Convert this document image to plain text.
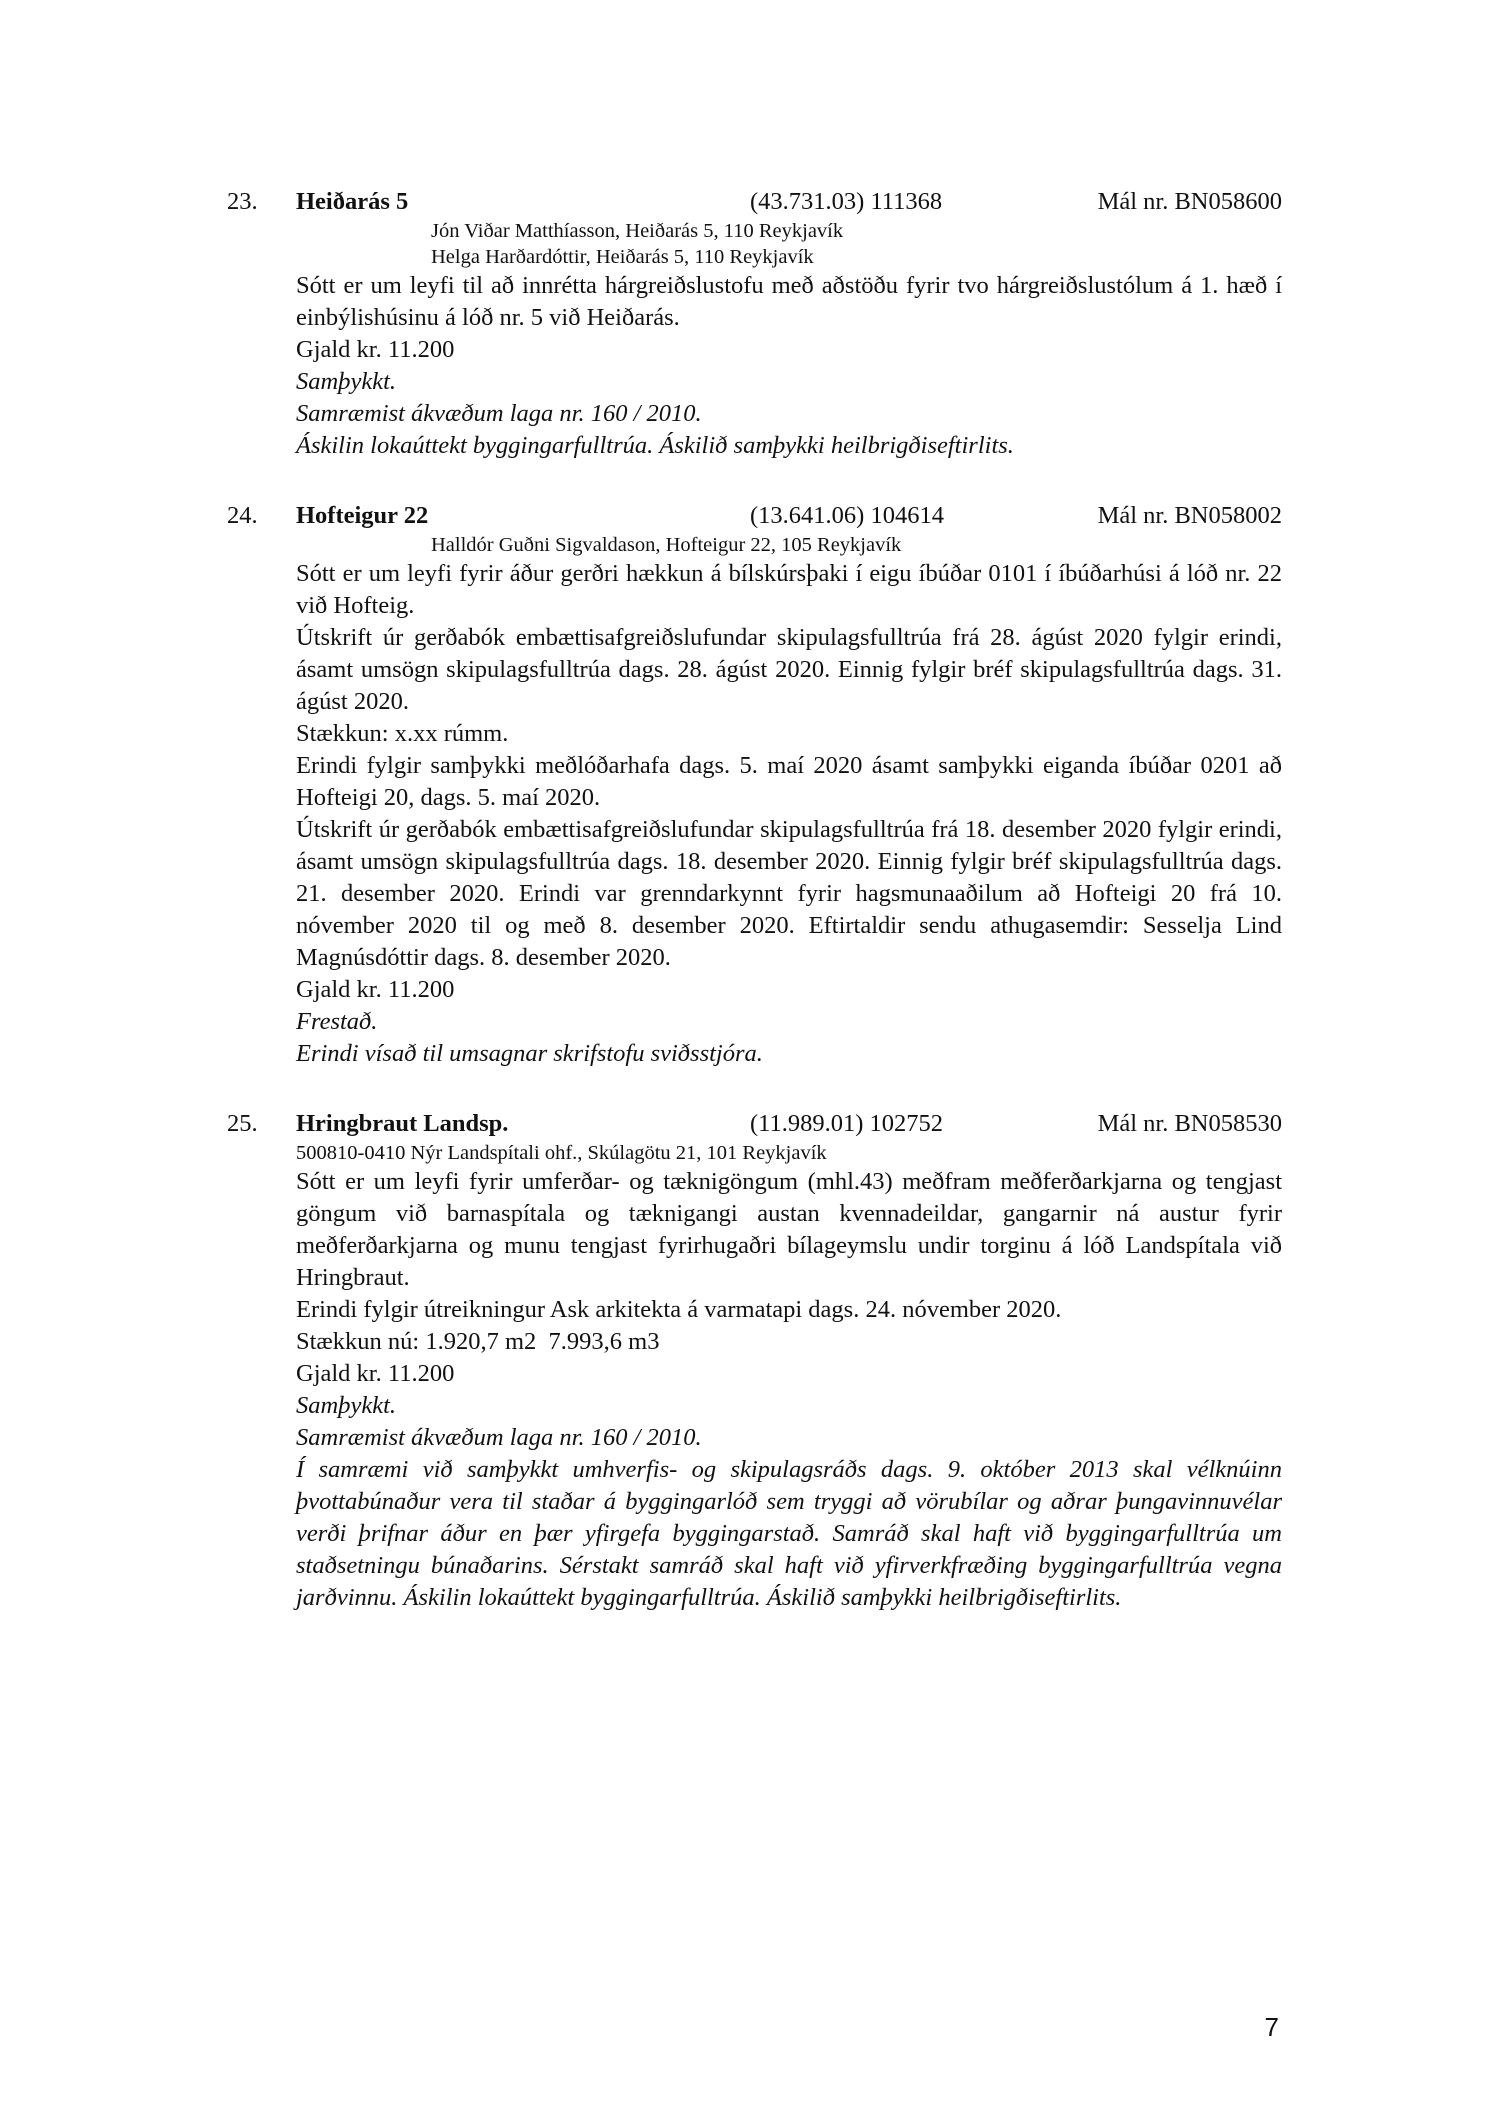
23. Heiðarás 5	(43.731.03) 111368	Mál nr. BN058600
Jón Viðar Matthíasson, Heiðarás 5, 110 Reykjavík
Helga Harðardóttir, Heiðarás 5, 110 Reykjavík
Sótt er um leyfi til að innrétta hárgreiðslustofu með aðstöðu fyrir tvo hárgreiðslustólum á 1. hæð í einbýlishúsinu á lóð nr. 5 við Heiðarás.
Gjald kr. 11.200
Samþykkt.
Samræmist ákvæðum laga nr. 160 / 2010.
Áskilin lokaúttekt byggingarfulltrúa. Áskilið samþykki heilbrigðiseftirlits.
24. Hofteigur 22	(13.641.06) 104614	Mál nr. BN058002
Halldór Guðni Sigvaldason, Hofteigur 22, 105 Reykjavík
Sótt er um leyfi fyrir áður gerðri hækkun á bílskúrsþaki í eigu íbúðar 0101 í íbúðarhúsi á lóð nr. 22 við Hofteig.
Útskrift úr gerðabók embættisafgreiðslufundar skipulagsfulltrúa frá 28. ágúst 2020 fylgir erindi, ásamt umsögn skipulagsfulltrúa dags. 28. ágúst 2020. Einnig fylgir bréf skipulagsfulltrúa dags. 31. ágúst 2020.
Stækkun: x.xx rúmm.
Erindi fylgir samþykki meðlóðarhafa dags. 5. maí 2020 ásamt samþykki eiganda íbúðar 0201 að Hofteigi 20, dags. 5. maí 2020.
Útskrift úr gerðabók embættisafgreiðslufundar skipulagsfulltrúa frá 18. desember 2020 fylgir erindi, ásamt umsögn skipulagsfulltrúa dags. 18. desember 2020. Einnig fylgir bréf skipulagsfulltrúa dags. 21. desember 2020. Erindi var grenndarkynnt fyrir hagsmunaaðilum að Hofteigi 20 frá 10. nóvember 2020 til og með 8. desember 2020. Eftirtaldir sendu athugasemdir: Sesselja Lind Magnúsdóttir dags. 8. desember 2020.
Gjald kr. 11.200
Frestað.
Erindi vísað til umsagnar skrifstofu sviðsstjóra.
25. Hringbraut Landsp.	(11.989.01) 102752	Mál nr. BN058530
500810-0410 Nýr Landspítali ohf., Skúlagötu 21, 101 Reykjavík
Sótt er um leyfi fyrir umferðar- og tæknigöngum (mhl.43) meðfram meðferðarkjarna og tengjast göngum við barnaspítala og tæknigangi austan kvennadeildar, gangarnir ná austur fyrir meðferðarkjarna og munu tengjast fyrirhugaðri bílageymslu undir torginu á lóð Landspítala við Hringbraut.
Erindi fylgir útreikningur Ask arkitekta á varmatapi dags. 24. nóvember 2020.
Stækkun nú: 1.920,7 m2  7.993,6 m3
Gjald kr. 11.200
Samþykkt.
Samræmist ákvæðum laga nr. 160 / 2010.
Í samræmi við samþykkt umhverfis- og skipulagsráðs dags. 9. október 2013 skal vélknúinn þvottabúnaður vera til staðar á byggingarlóð sem tryggi að vörubílar og aðrar þungavinnuvélar verði þrifnar áður en þær yfirgefa byggingarstað. Samráð skal haft við byggingarfulltrúa um staðsetningu búnaðarins. Sérstakt samráð skal haft við yfirverkfræðing byggingarfulltrúa vegna jarðvinnu. Áskilin lokaúttekt byggingarfulltrúa. Áskilið samþykki heilbrigðiseftirlits.
7
